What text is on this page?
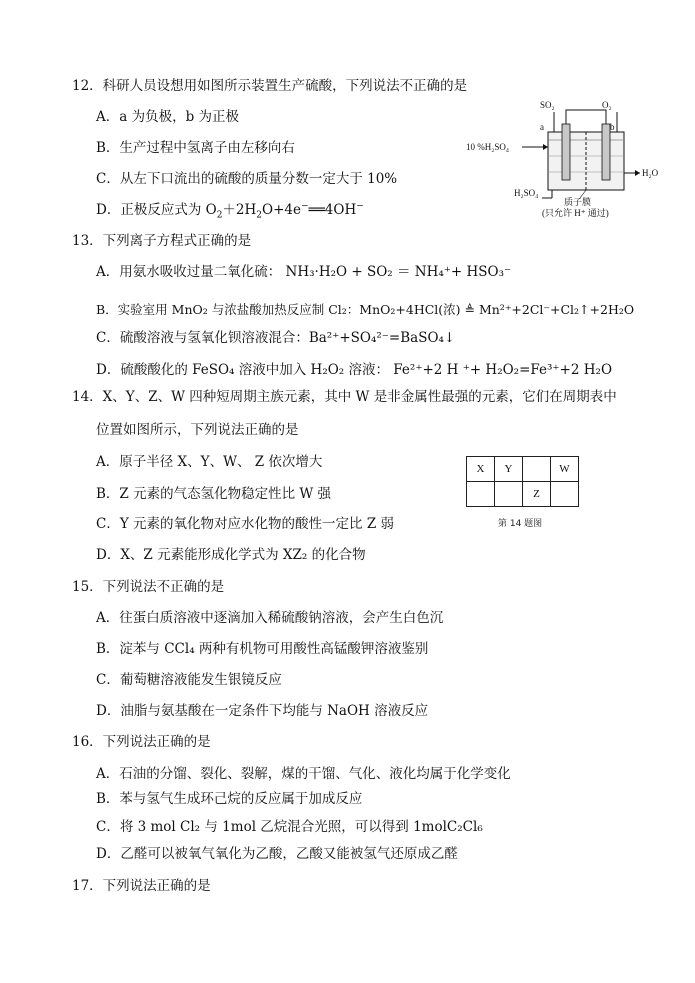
12．科研人员设想用如图所示装置生产硫酸，下列说法不正确的是
A．a 为负极，b 为正极
B．生产过程中氢离子由左移向右
C．从左下口流出的硫酸的质量分数一定大于 10%
D．正极反应式为 $O_2+2H_2O+4e^-══4OH^-$
SO₂	O₂
a	b
10 %H₂SO₄
H₂O
H₂SO₄
质子膜
(只允许 H⁺ 通过)
13．下列离子方程式正确的是
A．用氨水吸收过量二氧化硫： NH₃·H₂O + SO₂ ＝ NH₄⁺+ HSO₃⁻
B．实验室用 MnO₂ 与浓盐酸加热反应制 Cl₂：MnO₂+4HCl(浓) ≜ Mn²⁺+2Cl⁻+Cl₂↑+2H₂O
C．硫酸溶液与氢氧化钡溶液混合：Ba²⁺+SO₄²⁻=BaSO₄↓
D．硫酸酸化的 FeSO₄ 溶液中加入 H₂O₂ 溶液： Fe²⁺+2 H ⁺+ H₂O₂=Fe³⁺+2 H₂O
14．X、Y、Z、W 四种短周期主族元素，其中 W 是非金属性最强的元素，它们在周期表中
位置如图所示，下列说法正确的是
A．原子半径 X、Y、W、 Z 依次增大
B．Z 元素的气态氢化物稳定性比 W 强
C．Y 元素的氧化物对应水化物的酸性一定比 Z 弱
D．X、Z 元素能形成化学式为 XZ₂ 的化合物
X	Y		W
		Z	
第 14 题图
15．下列说法不正确的是
A．往蛋白质溶液中逐滴加入稀硫酸钠溶液，会产生白色沉
B．淀苯与 CCl₄ 两种有机物可用酸性高锰酸钾溶液鉴别
C．葡萄糖溶液能发生银镜反应
D．油脂与氨基酸在一定条件下均能与 NaOH 溶液反应
16．下列说法正确的是
A．石油的分馏、裂化、裂解，煤的干馏、气化、液化均属于化学变化
B．苯与氢气生成环己烷的反应属于加成反应
C．将 3 mol Cl₂ 与 1mol 乙烷混合光照，可以得到 1molC₂Cl₆
D．乙醛可以被氧气氧化为乙酸，乙酸又能被氢气还原成乙醛
17．下列说法正确的是
